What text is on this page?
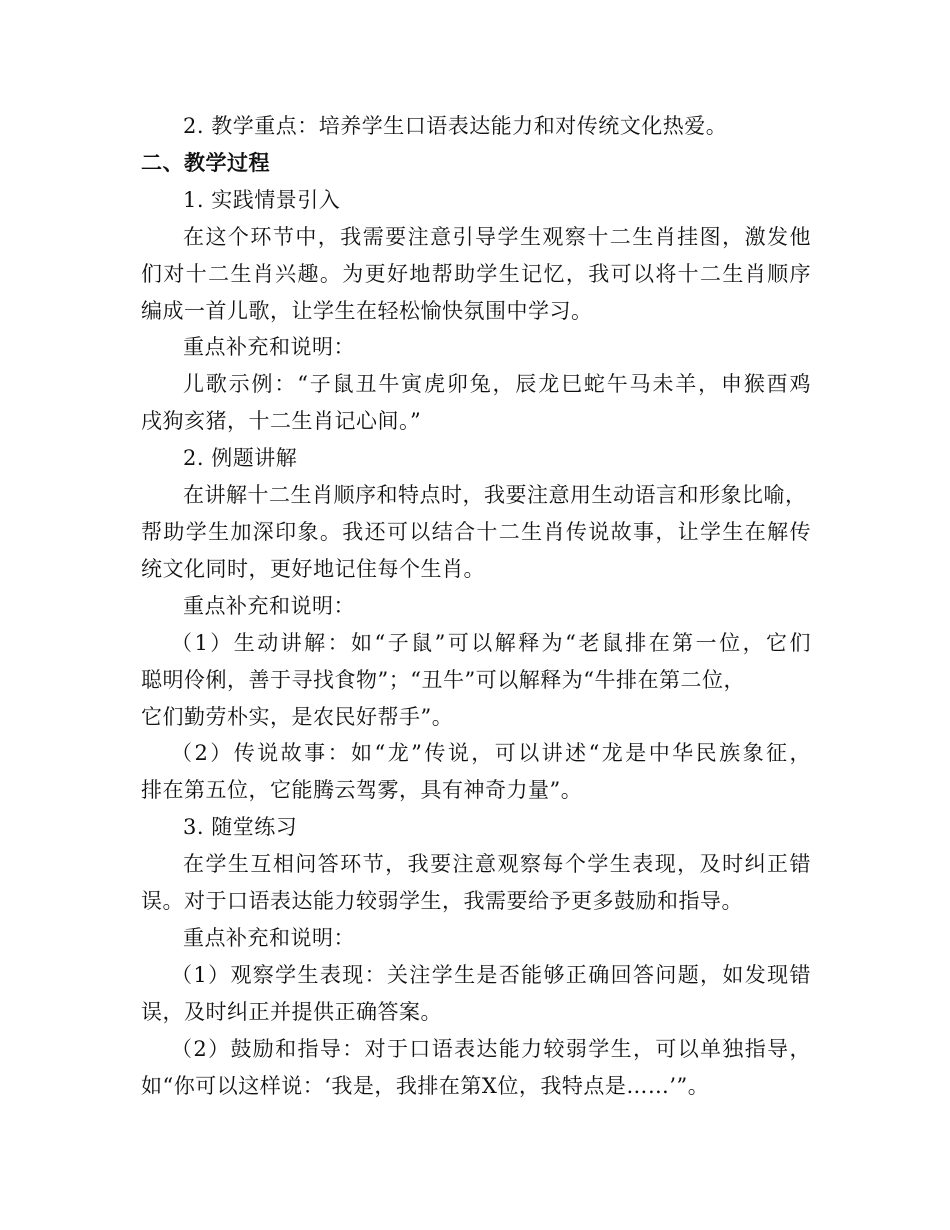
2. 教学重点：培养学生口语表达能力和对传统文化热爱。

二、教学过程

1. 实践情景引入

在这个环节中，我需要注意引导学生观察十二生肖挂图，激发他

们对十二生肖兴趣。为更好地帮助学生记忆，我可以将十二生肖顺序

编成一首儿歌，让学生在轻松愉快氛围中学习。

重点补充和说明：

儿歌示例：“子鼠丑牛寅虎卯兔，辰龙巳蛇午马未羊，申猴酉鸡

戌狗亥猪，十二生肖记心间。”

2. 例题讲解

在讲解十二生肖顺序和特点时，我要注意用生动语言和形象比喻，

帮助学生加深印象。我还可以结合十二生肖传说故事，让学生在解传

统文化同时，更好地记住每个生肖。

重点补充和说明：

（1）生动讲解：如“子鼠”可以解释为“老鼠排在第一位，它们

聪明伶俐，善于寻找食物”；“丑牛”可以解释为“牛排在第二位，

它们勤劳朴实，是农民好帮手”。

（2）传说故事：如“龙”传说，可以讲述“龙是中华民族象征，

排在第五位，它能腾云驾雾，具有神奇力量”。

3. 随堂练习

在学生互相问答环节，我要注意观察每个学生表现，及时纠正错

误。对于口语表达能力较弱学生，我需要给予更多鼓励和指导。

重点补充和说明：

（1）观察学生表现：关注学生是否能够正确回答问题，如发现错

误，及时纠正并提供正确答案。

（2）鼓励和指导：对于口语表达能力较弱学生，可以单独指导，

如“你可以这样说：‘我是，我排在第X位，我特点是……’”。
